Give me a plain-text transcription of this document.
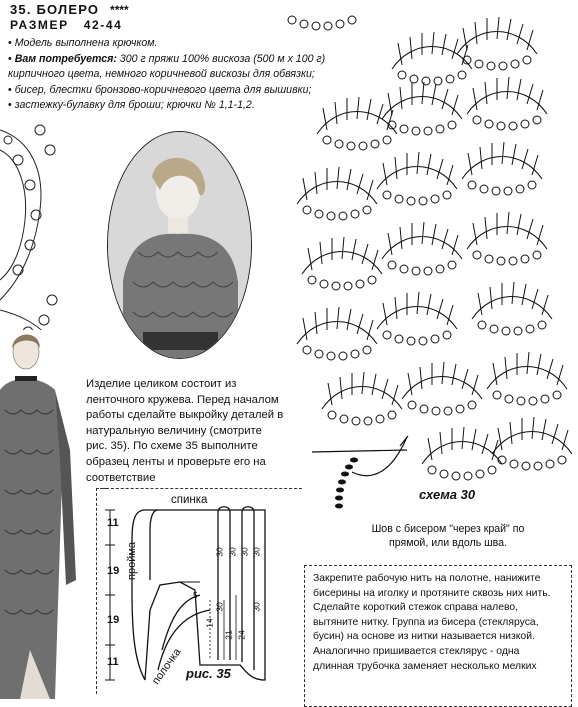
35. БОЛЕРО ****
РАЗМЕР 42-44

• Модель выполнена крючком.

• Вам потребуется: 300 г пряжи 100% вискоза (500 м х 100 г)

кирпичного цвета, немного коричневой вискозы для обвязки;

• бисер, блестки бронзово-коричневого цвета для вышивки;

• застежку-булавку для броши; крючки № 1,1-1,2.

Изделие целиком состоит из ленточного кружева. Перед началом работы сделайте выкройку деталей в натуральную величину (смотрите рис. 35). По схеме 35 выполните образец ленты и проверьте его на соответствие
схема 30
Шов с бисером "через край" по прямой, или вдоль шва.
Закрепите рабочую нить на полотне, нанижите бисерины на иголку и протяните сквозь них нить. Сделайте короткий стежок справа налево, вытяните нитку. Группа из бисера (стекляруса, бусин) на основе из нитки называется низкой. Аналогично пришивается стеклярус - одна длинная трубочка заменяет несколько мелких
спинка
11
19
19
11
30 30 30 30
30	30
5
14
21 24
пройма
полочка рис. 35
